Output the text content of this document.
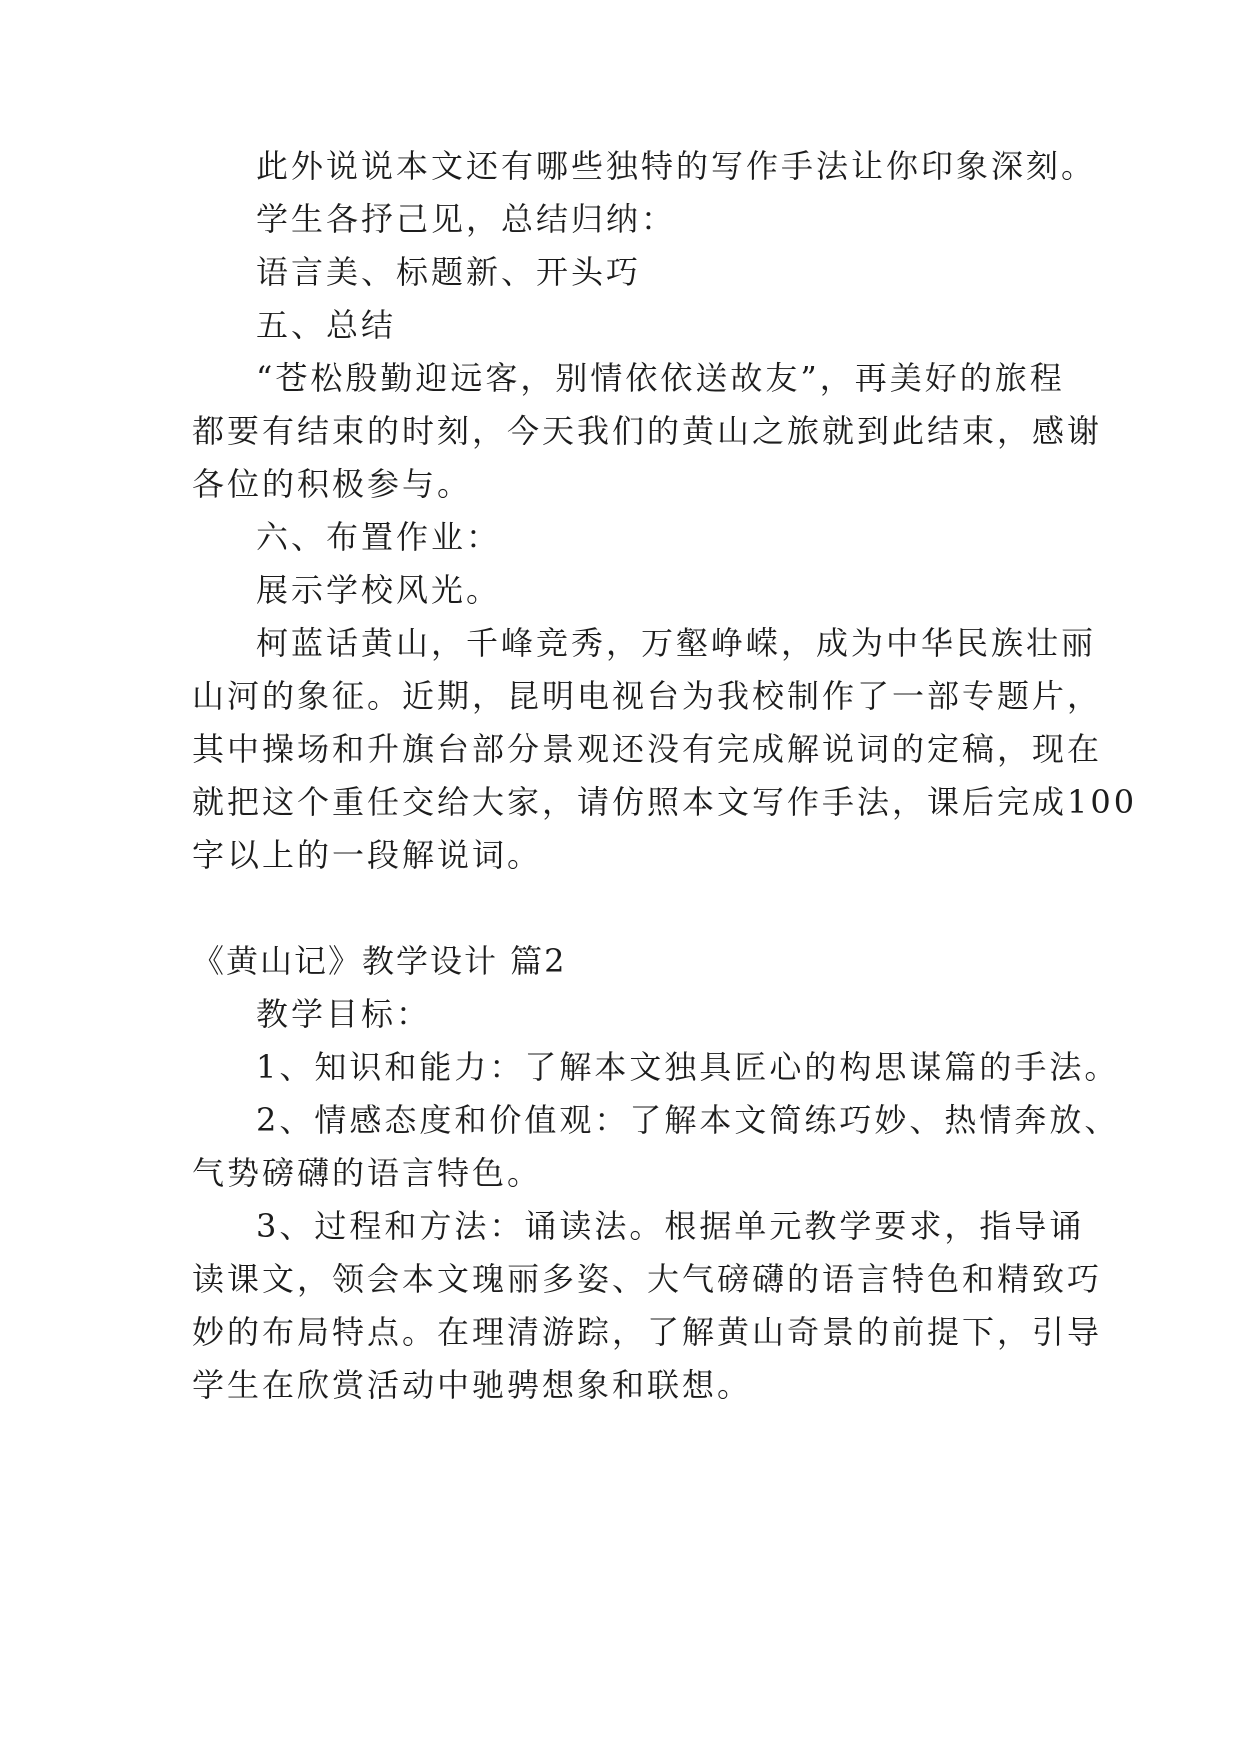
此外说说本文还有哪些独特的写作手法让你印象深刻。
学生各抒己见，总结归纳：
语言美、标题新、开头巧
五、总结
“苍松殷勤迎远客，别情依依送故友”，再美好的旅程
都要有结束的时刻，今天我们的黄山之旅就到此结束，感谢
各位的积极参与。
六、布置作业：
展示学校风光。
柯蓝话黄山，千峰竞秀，万壑峥嵘，成为中华民族壮丽
山河的象征。近期，昆明电视台为我校制作了一部专题片，
其中操场和升旗台部分景观还没有完成解说词的定稿，现在
就把这个重任交给大家，请仿照本文写作手法，课后完成100
字以上的一段解说词。
《黄山记》教学设计 篇2
教学目标：
1、知识和能力：了解本文独具匠心的构思谋篇的手法。
2、情感态度和价值观：了解本文简练巧妙、热情奔放、
气势磅礴的语言特色。
3、过程和方法：诵读法。根据单元教学要求，指导诵
读课文，领会本文瑰丽多姿、大气磅礴的语言特色和精致巧
妙的布局特点。在理清游踪，了解黄山奇景的前提下，引导
学生在欣赏活动中驰骋想象和联想。
